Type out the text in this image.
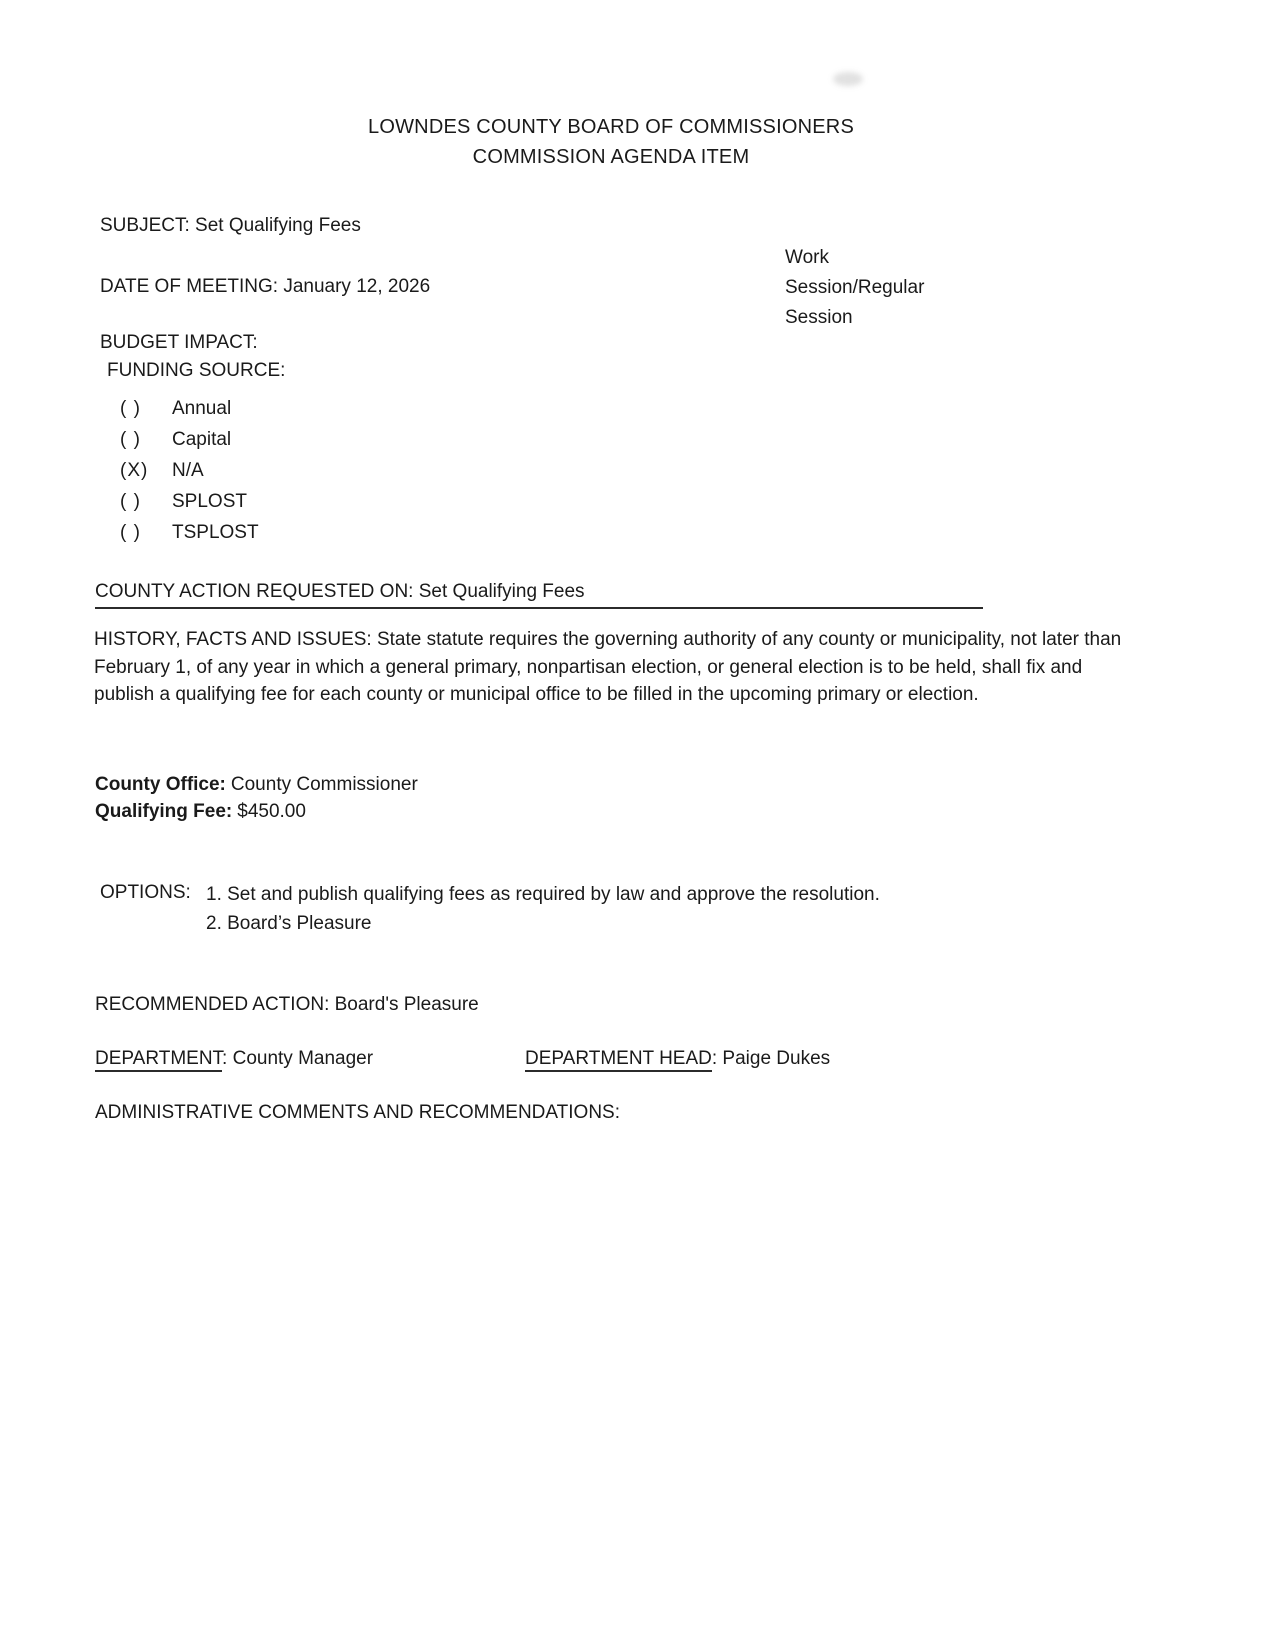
LOWNDES COUNTY BOARD OF COMMISSIONERS
COMMISSION AGENDA ITEM
SUBJECT: Set Qualifying Fees
Work
Session/Regular
Session
DATE OF MEETING: January 12, 2026
BUDGET IMPACT:
FUNDING SOURCE:
( )	Annual
( )	Capital
(X)	N/A
( )	SPLOST
( )	TSPLOST
COUNTY ACTION REQUESTED ON: Set Qualifying Fees
HISTORY, FACTS AND ISSUES: State statute requires the governing authority of any county or municipality, not later than February 1, of any year in which a general primary, nonpartisan election, or general election is to be held, shall fix and publish a qualifying fee for each county or municipal office to be filled in the upcoming primary or election.
County Office: County Commissioner
Qualifying Fee: $450.00
OPTIONS: 1. Set and publish qualifying fees as required by law and approve the resolution.
2. Board’s Pleasure
RECOMMENDED ACTION: Board's Pleasure
DEPARTMENT: County Manager	DEPARTMENT HEAD: Paige Dukes
ADMINISTRATIVE COMMENTS AND RECOMMENDATIONS:
